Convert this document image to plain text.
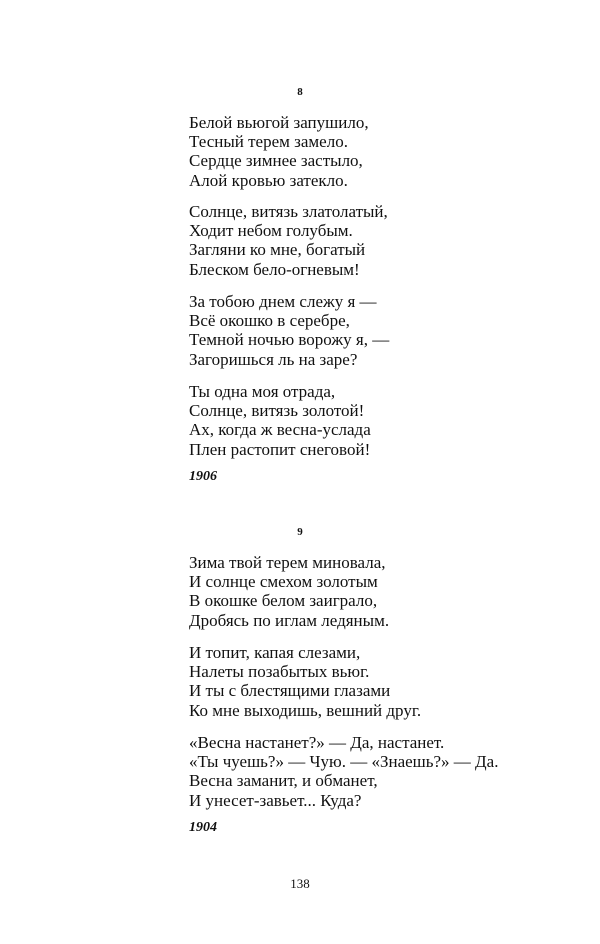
8
Белой вьюгой запушило,
Тесный терем замело.
Сердце зимнее застыло,
Алой кровью затекло.
Солнце, витязь златолатый,
Ходит небом голубым.
Загляни ко мне, богатый
Блеском бело-огневым!
За тобою днем слежу я —
Всё окошко в серебре,
Темной ночью ворожу я, —
Загоришься ль на заре?
Ты одна моя отрада,
Солнце, витязь золотой!
Ах, когда ж весна-услада
Плен растопит снеговой!
1906
9
Зима твой терем миновала,
И солнце смехом золотым
В окошке белом заиграло,
Дробясь по иглам ледяным.
И топит, капая слезами,
Налеты позабытых вьюг.
И ты с блестящими глазами
Ко мне выходишь, вешний друг.
«Весна настанет?» — Да, настанет.
«Ты чуешь?» — Чую. — «Знаешь?» — Да.
Весна заманит, и обманет,
И унесет-завьет... Куда?
1904
138
